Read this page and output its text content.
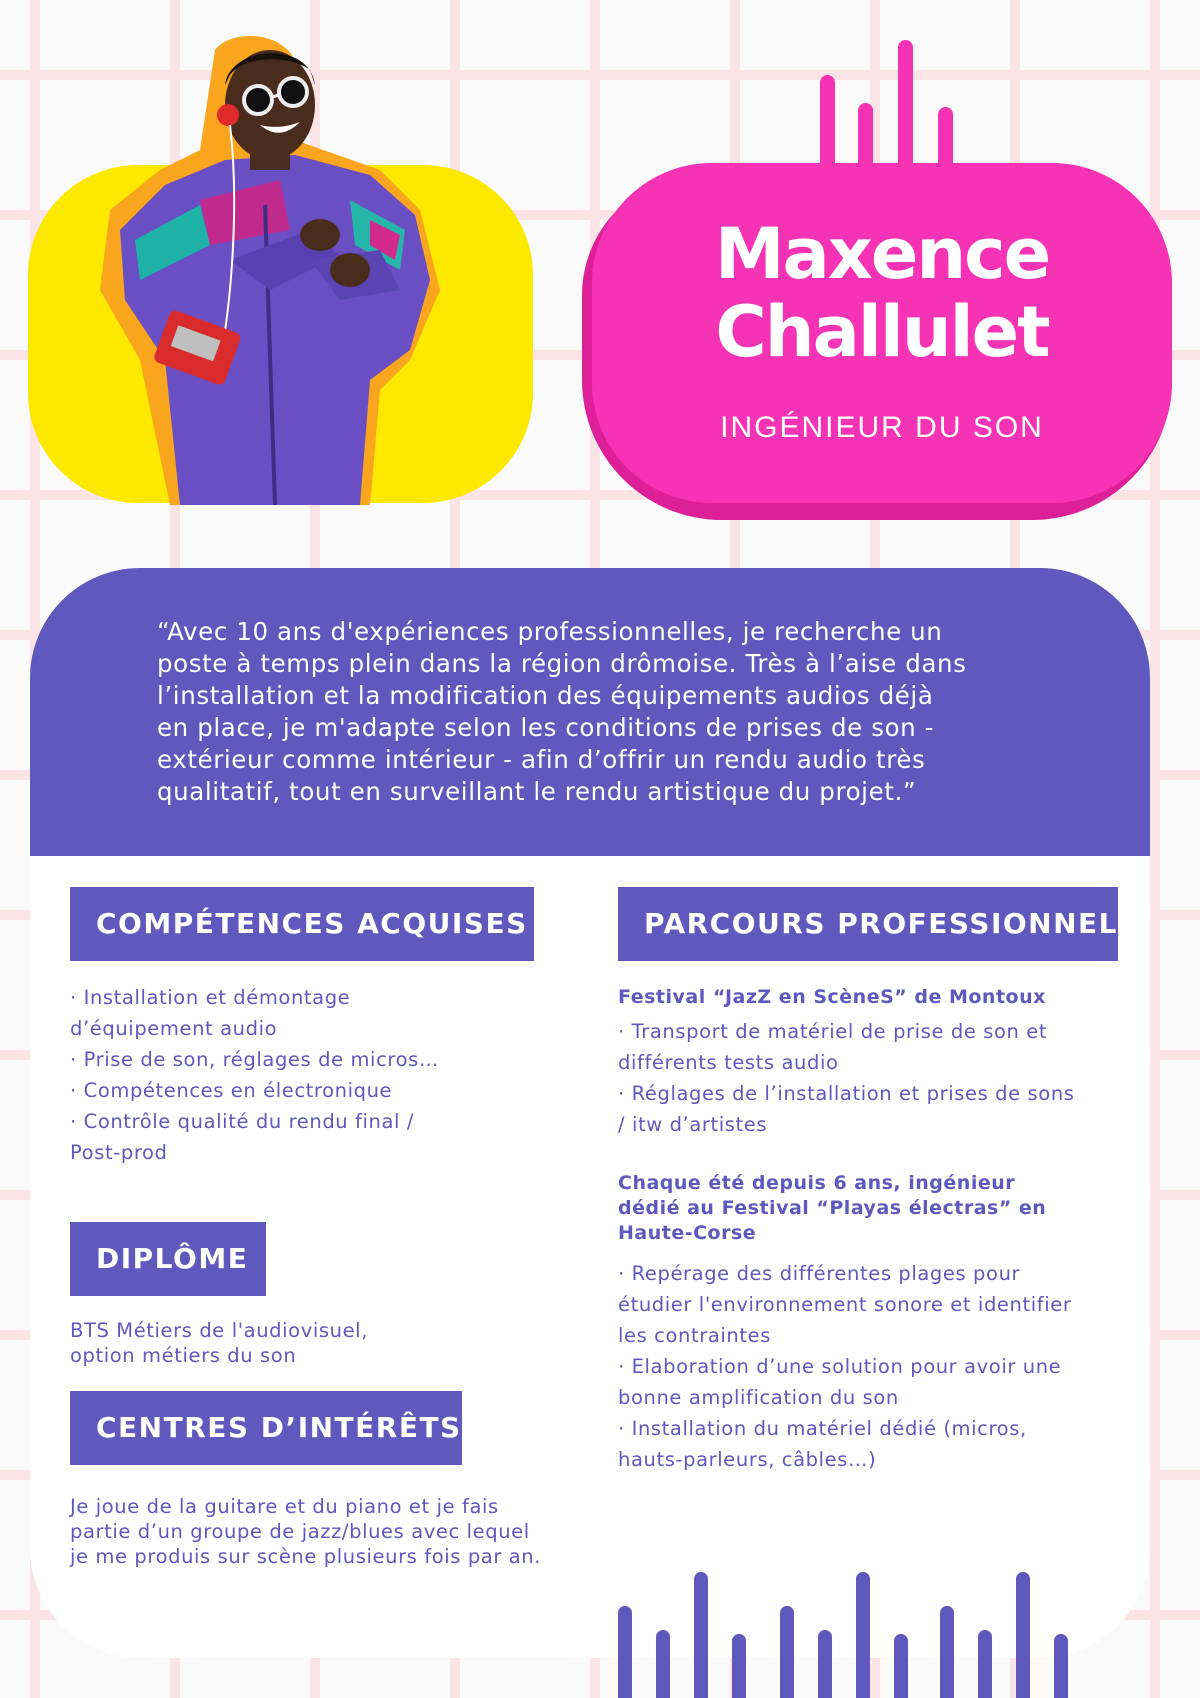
Maxence
Challulet
INGÉNIEUR DU SON
“Avec 10 ans d'expériences professionnelles, je recherche un
poste à temps plein dans la région drômoise. Très à l’aise dans
l’installation et la modification des équipements audios déjà
en place, je m'adapte selon les conditions de prises de son -
extérieur comme intérieur - afin d’offrir un rendu audio très
qualitatif, tout en surveillant le rendu artistique du projet.”
COMPÉTENCES ACQUISES
· Installation et démontage
d’équipement audio
· Prise de son, réglages de micros…
· Compétences en électronique
· Contrôle qualité du rendu final /
Post-prod
DIPLÔME
BTS Métiers de l'audiovisuel,
option métiers du son
CENTRES D’INTÉRÊTS
Je joue de la guitare et du piano et je fais
partie d’un groupe de jazz/blues avec lequel
je me produis sur scène plusieurs fois par an.
PARCOURS PROFESSIONNEL
Festival “JazZ en ScèneS” de Montoux
· Transport de matériel de prise de son et
différents tests audio
· Réglages de l’installation et prises de sons
/ itw d’artistes
Chaque été depuis 6 ans, ingénieur
dédié au Festival “Playas électras” en
Haute-Corse
· Repérage des différentes plages pour
étudier l'environnement sonore et identifier
les contraintes
· Elaboration d’une solution pour avoir une
bonne amplification du son
· Installation du matériel dédié (micros,
hauts-parleurs, câbles…)
